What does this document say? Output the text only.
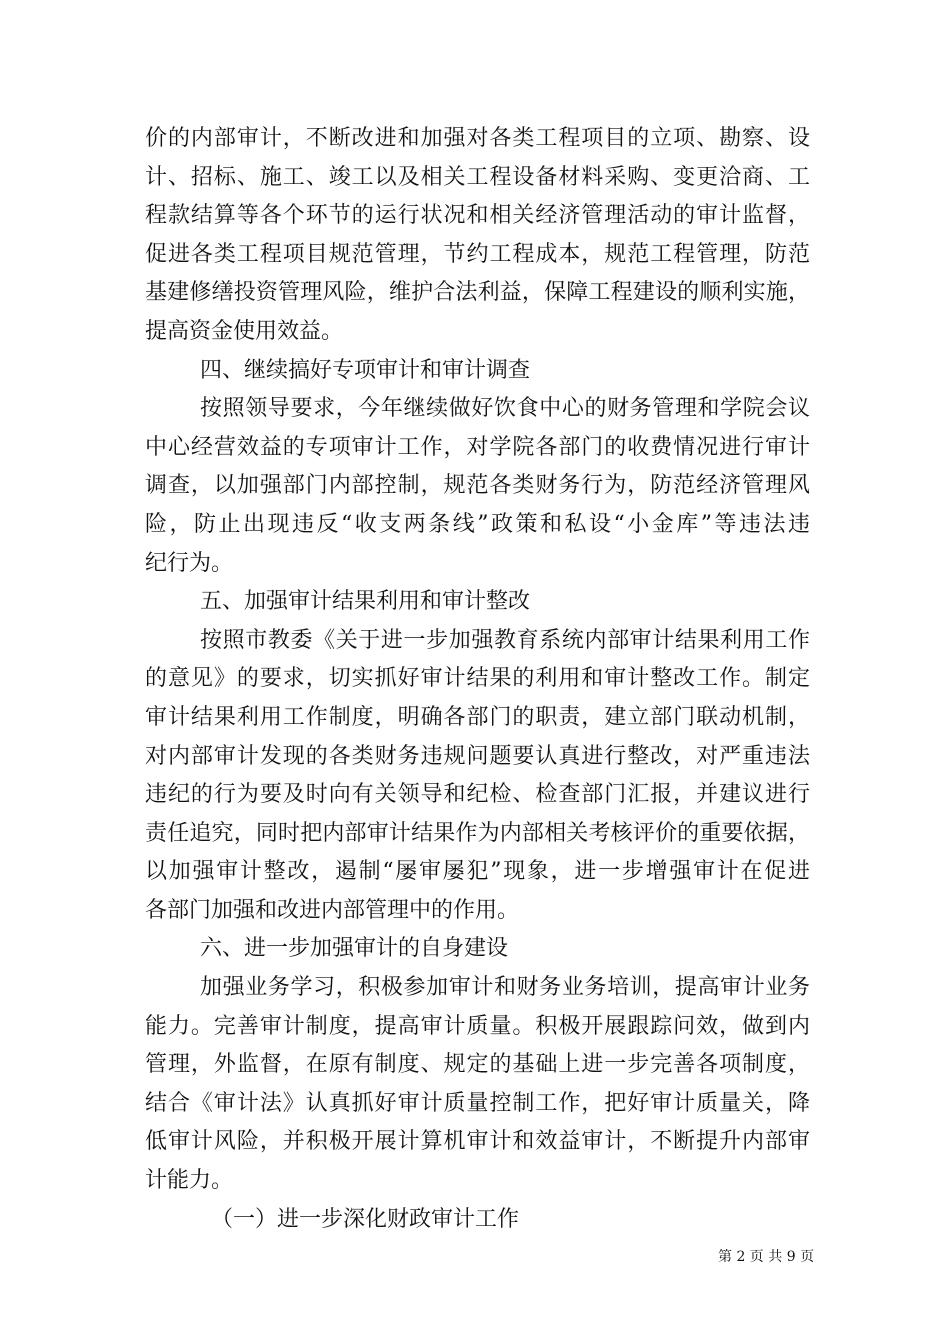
价的内部审计，不断改进和加强对各类工程项目的立项、勘察、设
计、招标、施工、竣工以及相关工程设备材料采购、变更洽商、工
程款结算等各个环节的运行状况和相关经济管理活动的审计监督，
促进各类工程项目规范管理，节约工程成本，规范工程管理，防范
基建修缮投资管理风险，维护合法利益，保障工程建设的顺利实施，
提高资金使用效益。
四、继续搞好专项审计和审计调查
按照领导要求，今年继续做好饮食中心的财务管理和学院会议
中心经营效益的专项审计工作，对学院各部门的收费情况进行审计
调查，以加强部门内部控制，规范各类财务行为，防范经济管理风
险，防止出现违反“收支两条线”政策和私设“小金库”等违法违
纪行为。
五、加强审计结果利用和审计整改
按照市教委《关于进一步加强教育系统内部审计结果利用工作
的意见》的要求，切实抓好审计结果的利用和审计整改工作。制定
审计结果利用工作制度，明确各部门的职责，建立部门联动机制，
对内部审计发现的各类财务违规问题要认真进行整改，对严重违法
违纪的行为要及时向有关领导和纪检、检查部门汇报，并建议进行
责任追究，同时把内部审计结果作为内部相关考核评价的重要依据，
以加强审计整改，遏制“屡审屡犯”现象，进一步增强审计在促进
各部门加强和改进内部管理中的作用。
六、进一步加强审计的自身建设
加强业务学习，积极参加审计和财务业务培训，提高审计业务
能力。完善审计制度，提高审计质量。积极开展跟踪问效，做到内
管理，外监督，在原有制度、规定的基础上进一步完善各项制度，
结合《审计法》认真抓好审计质量控制工作，把好审计质量关，降
低审计风险，并积极开展计算机审计和效益审计，不断提升内部审
计能力。
（一）进一步深化财政审计工作
第 2 页 共 9 页
